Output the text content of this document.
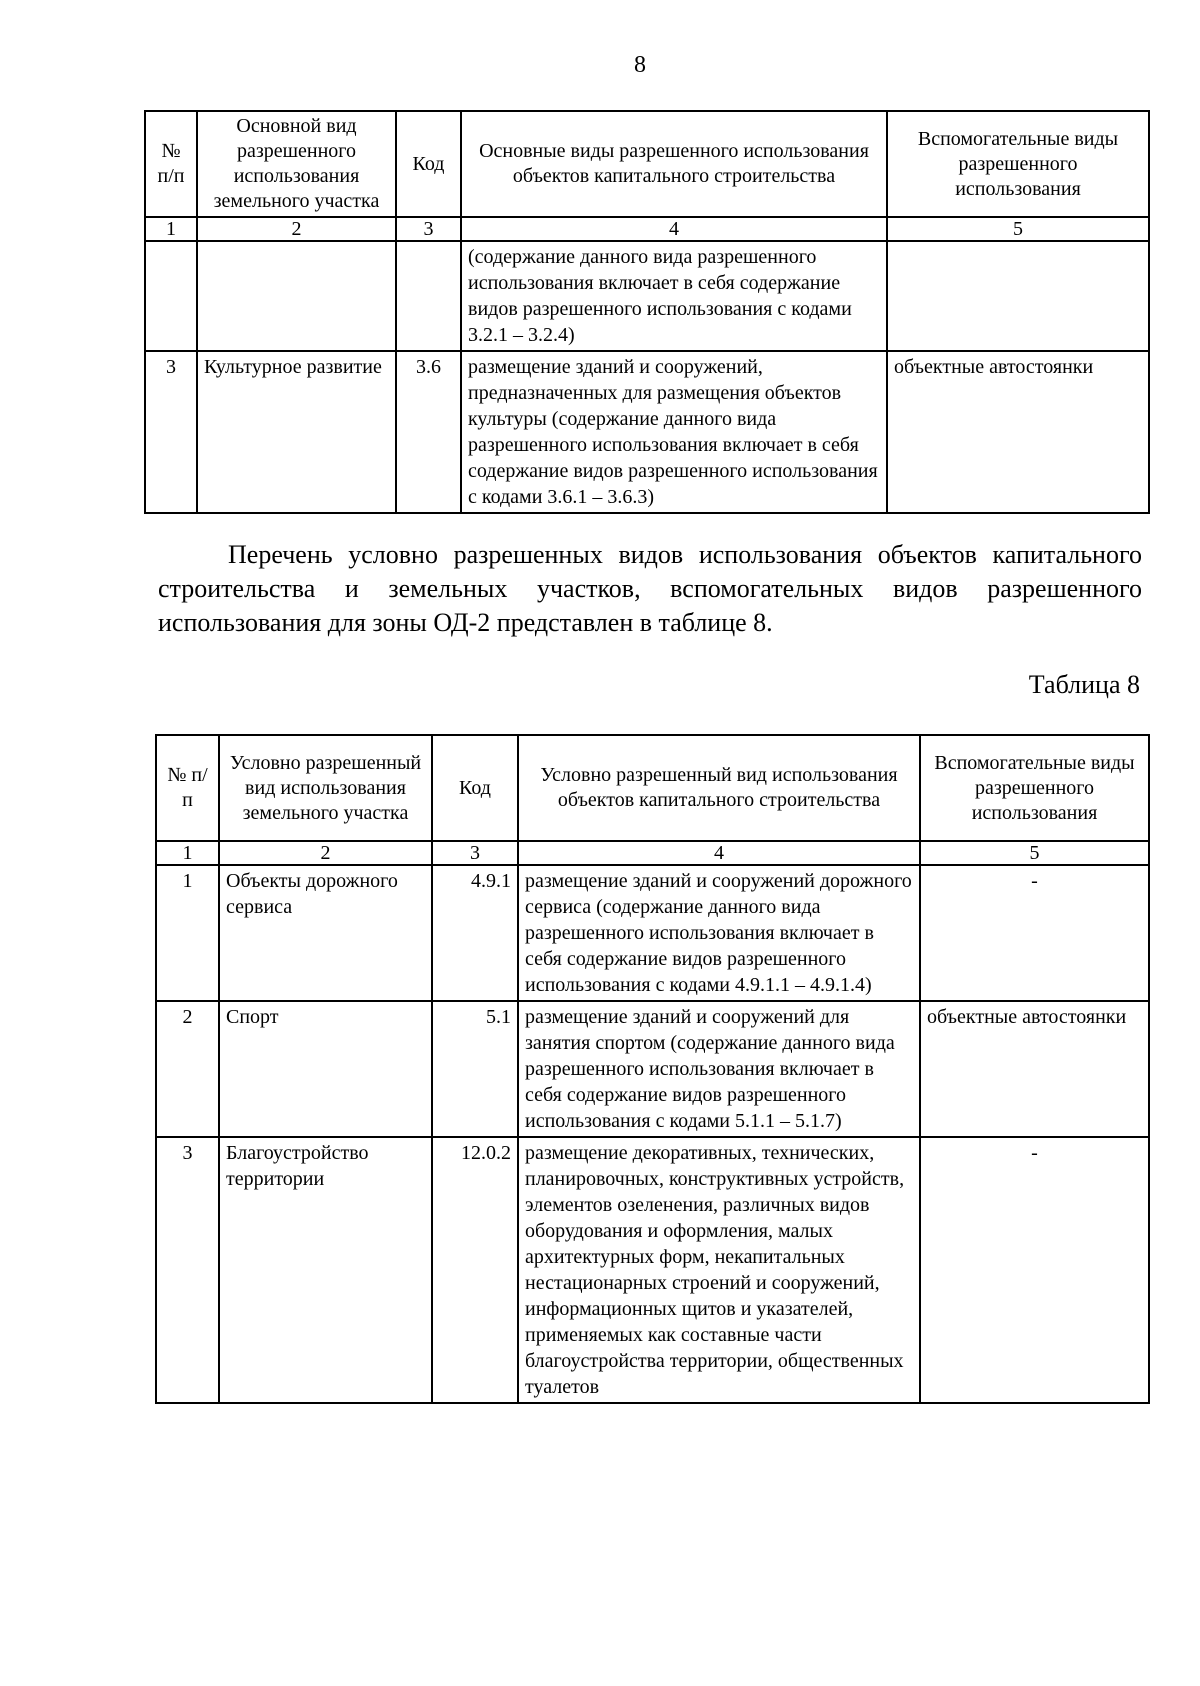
8
№ п/п	Основной вид разрешенного использования земельного участка	Код	Основные виды разрешенного использования объектов капитального строительства	Вспомогательные виды разрешенного использования
1	2	3	4	5
			(содержание данного вида разрешенного использования включает в себя содержание видов разрешенного использования с кодами 3.2.1 – 3.2.4)	
3	Культурное развитие	3.6	размещение зданий и сооружений, предназначенных для размещения объектов культуры (содержание данного вида разрешенного использования включает в себя содержание видов разрешенного использования с кодами 3.6.1 – 3.6.3)	объектные автостоянки
Перечень условно разрешенных видов использования объектов капитального строительства и земельных участков, вспомогательных видов разрешенного использования для зоны ОД-2 представлен в таблице 8.
Таблица 8
№ п/п	Условно разрешенный вид использования земельного участка	Код	Условно разрешенный вид использования объектов капитального строительства	Вспомогательные виды разрешенного использования
1	2	3	4	5
1	Объекты дорожного сервиса	4.9.1	размещение зданий и сооружений дорожного сервиса (содержание данного вида разрешенного использования включает в себя содержание видов разрешенного использования с кодами 4.9.1.1 – 4.9.1.4)	-
2	Спорт	5.1	размещение зданий и сооружений для занятия спортом (содержание данного вида разрешенного использования включает в себя содержание видов разрешенного использования с кодами 5.1.1 – 5.1.7)	объектные автостоянки
3	Благоустройство территории	12.0.2	размещение декоративных, технических, планировочных, конструктивных устройств, элементов озеленения, различных видов оборудования и оформления, малых архитектурных форм, некапитальных нестационарных строений и сооружений, информационных щитов и указателей, применяемых как составные части благоустройства территории, общественных туалетов	-
